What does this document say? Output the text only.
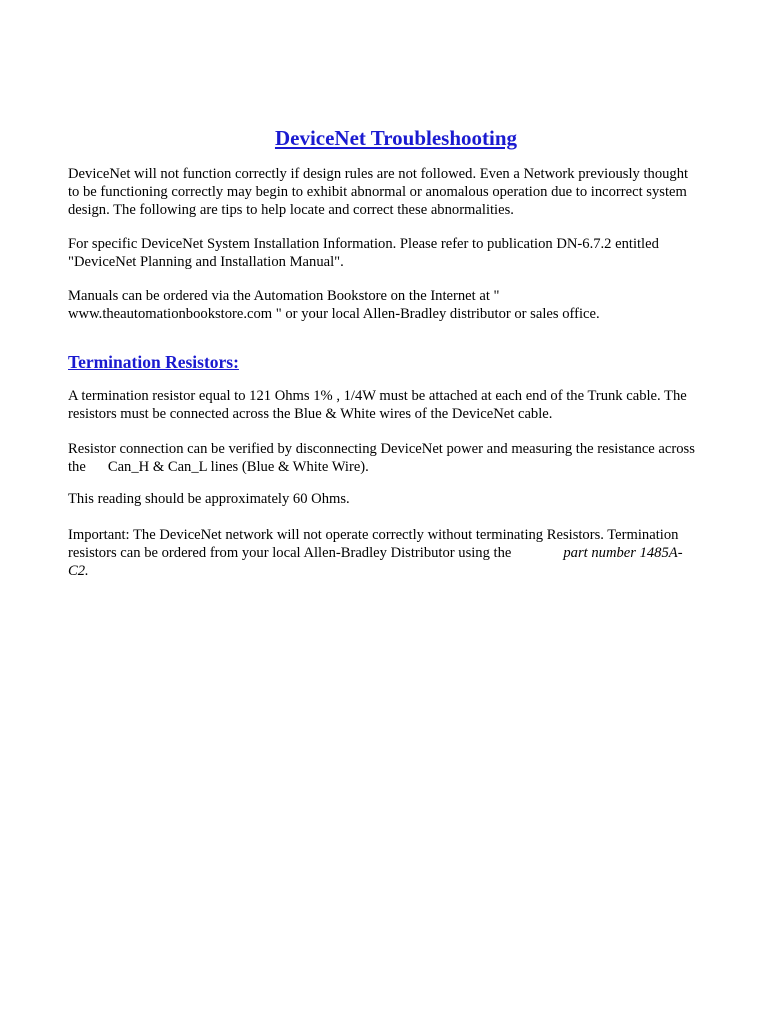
DeviceNet Troubleshooting

DeviceNet will not function correctly if design rules are not followed. Even a Network previously thought
to be functioning correctly may begin to exhibit abnormal or anomalous operation due to incorrect system
design. The following are tips to help locate and correct these abnormalities.

For specific DeviceNet System Installation Information. Please refer to publication DN-6.7.2 entitled
"DeviceNet Planning and Installation Manual".

Manuals can be ordered via the Automation Bookstore on the Internet at "
www.theautomationbookstore.com " or your local Allen-Bradley distributor or sales office.

Termination Resistors:

A termination resistor equal to 121 Ohms 1% , 1/4W must be attached at each end of the Trunk cable. The
resistors must be connected across the Blue & White wires of the DeviceNet cable.

Resistor connection can be verified by disconnecting DeviceNet power and measuring the resistance across
the Can_H & Can_L lines (Blue & White Wire).

This reading should be approximately 60 Ohms.

Important: The DeviceNet network will not operate correctly without terminating Resistors. Termination
resistors can be ordered from your local Allen-Bradley Distributor using the	part number 1485A-
C2.
